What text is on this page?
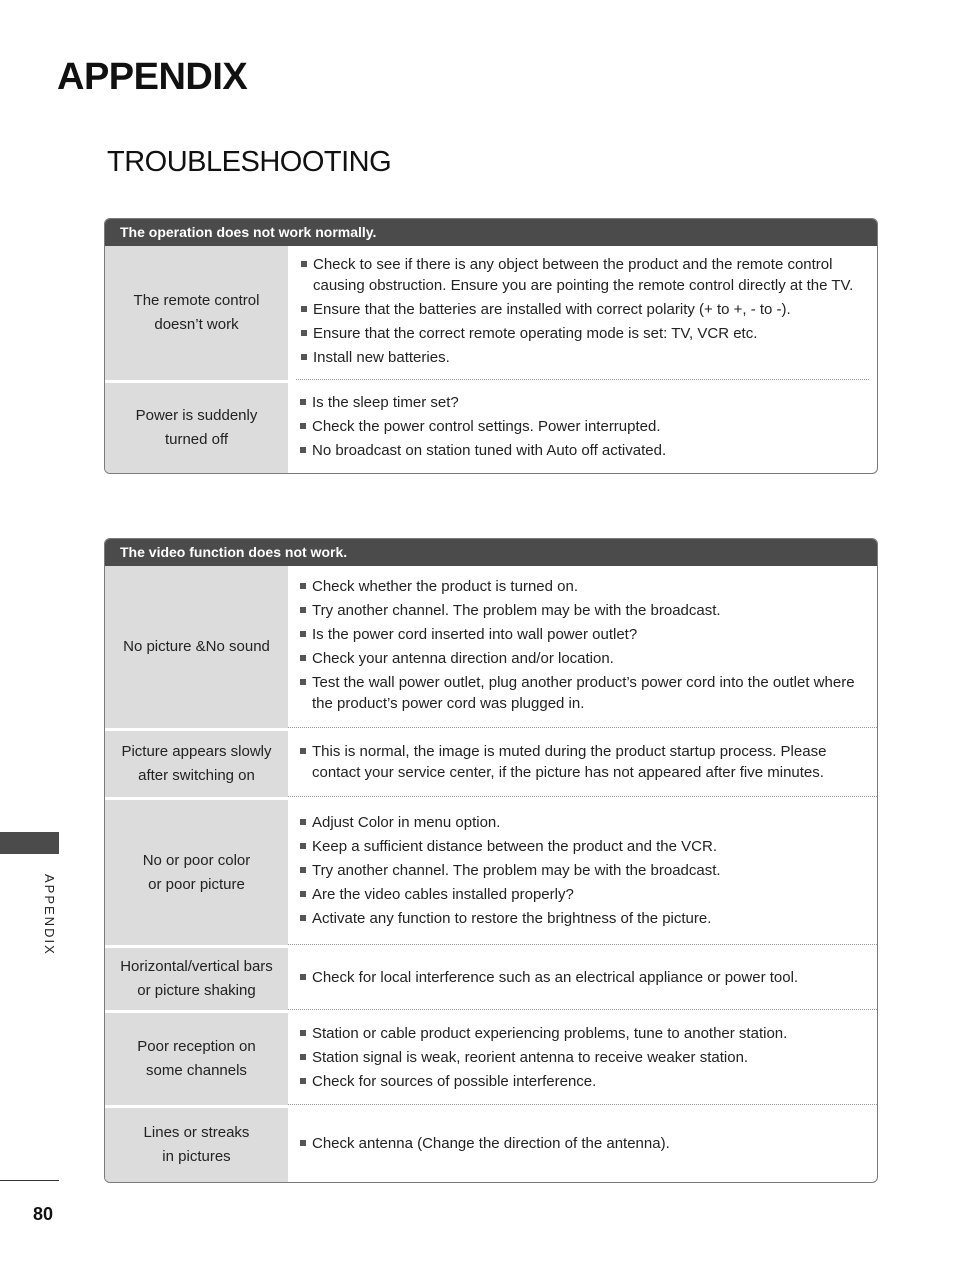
APPENDIX
TROUBLESHOOTING
The operation does not work normally.
The remote control
doesn’t work
Check to see if there is any object between the product and the remote control causing obstruction. Ensure you are pointing the remote control directly at the TV.
Ensure that the batteries are installed with correct polarity (+ to +, - to -).
Ensure that the correct remote operating mode is set: TV, VCR etc.
Install new batteries.
Power is suddenly
turned off
Is the sleep timer set?
Check the power control settings. Power interrupted.
No broadcast on station tuned with Auto off activated.
The video function does not work.
No picture &No sound
Check whether the product is turned on.
Try another channel. The problem may be with the broadcast.
Is the power cord inserted into wall power outlet?
Check your antenna direction and/or location.
Test the wall power outlet, plug another product’s power cord into the outlet where the product’s power cord was plugged in.
Picture appears slowly
after switching on
This is normal, the image is muted during the product startup process. Please contact your service center, if the picture has not appeared after five minutes.
No or poor color
or poor picture
Adjust Color in menu option.
Keep a sufficient distance between the product and the VCR.
Try another channel. The problem may be with the broadcast.
Are the video cables installed properly?
Activate any function to restore the brightness of the picture.
Horizontal/vertical bars
or picture shaking
Check for local interference such as an electrical appliance or power tool.
Poor reception on
some channels
Station or cable product experiencing problems, tune to another station.
Station signal is weak, reorient antenna to receive weaker station.
Check for sources of possible interference.
Lines or streaks
in pictures
Check antenna (Change the direction of the antenna).
APPENDIX
80
